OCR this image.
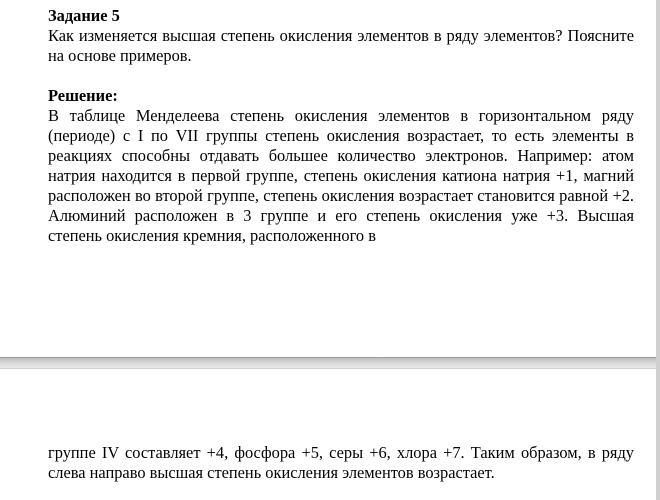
Задание 5

Как изменяется высшая степень окисления элементов в ряду элементов? Поясните на основе примеров.

Решение:

В таблице Менделеева степень окисления элементов в горизонтальном ряду (периоде) с I по VII группы степень окисления возрастает, то есть элементы в реакциях способны отдавать большее количество электронов. Например: атом натрия находится в первой группе, степень окисления катиона натрия +1, магний расположен во второй группе, степень окисления возрастает становится равной +2. Алюминий расположен в 3 группе и его степень окисления уже +3. Высшая степень окисления кремния, расположенного в

группе IV составляет +4, фосфора +5, серы +6, хлора +7. Таким образом, в ряду слева направо высшая степень окисления элементов возрастает.
